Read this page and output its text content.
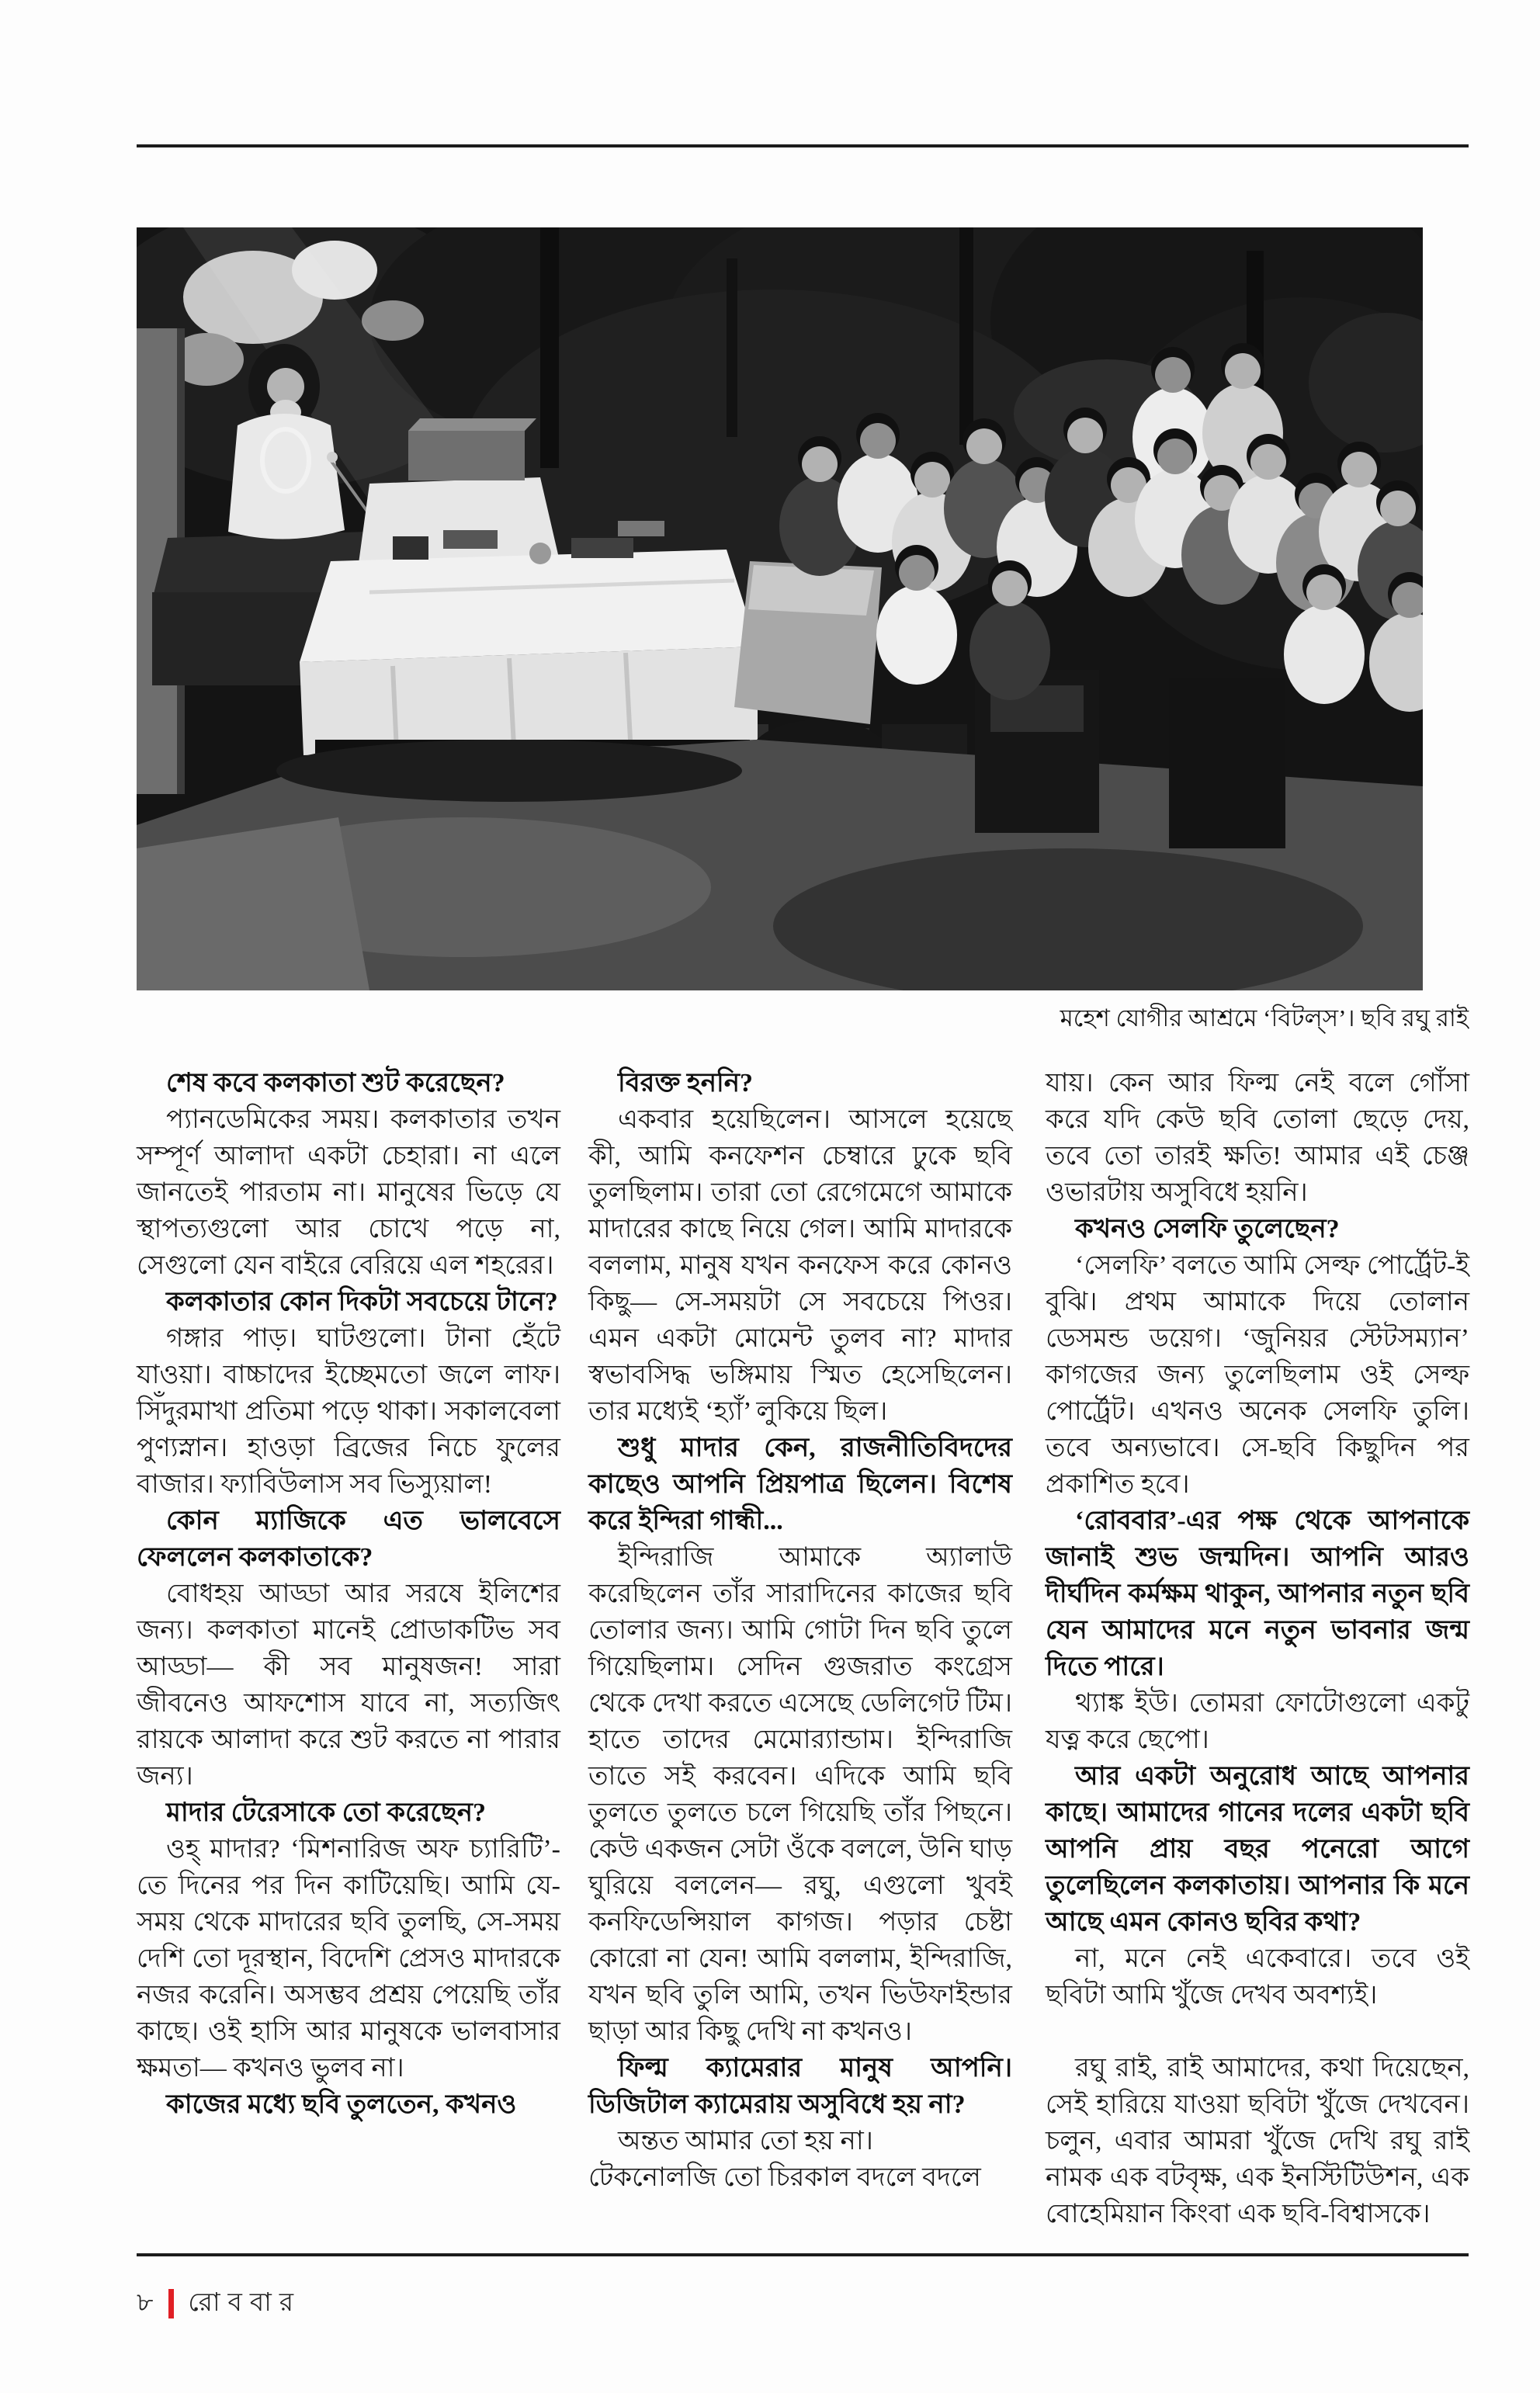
মহেশ যোগীর আশ্রমে ‘বিটল্স’। ছবি রঘু রাই

শেষ কবে কলকাতা শুট করেছেন?

প্যানডেমিকের সময়। কলকাতার তখন সম্পূর্ণ আলাদা একটা চেহারা। না এলে জানতেই পারতাম না। মানুষের ভিড়ে যে স্থাপত্যগুলো আর চোখে পড়ে না, সেগুলো যেন বাইরে বেরিয়ে এল শহরের।

কলকাতার কোন দিকটা সবচেয়ে টানে?

গঙ্গার পাড়। ঘাটগুলো। টানা হেঁটে যাওয়া। বাচ্চাদের ইচ্ছেমতো জলে লাফ। সিঁদুরমাখা প্রতিমা পড়ে থাকা। সকালবেলা পুণ্যস্নান। হাওড়া ব্রিজের নিচে ফুলের বাজার। ফ্যাবিউলাস সব ভিস্যুয়াল!

কোন ম্যাজিকে এত ভালবেসে ফেললেন কলকাতাকে?

বোধহয় আড্ডা আর সরষে ইলিশের জন্য। কলকাতা মানেই প্রোডাকটিভ সব আড্ডা— কী সব মানুষজন! সারা জীবনেও আফশোস যাবে না, সত্যজিৎ রায়কে আলাদা করে শুট করতে না পারার জন্য।

মাদার টেরেসাকে তো করেছেন?

ওহ্ মাদার? ‘মিশনারিজ অফ চ্যারিটি’-তে দিনের পর দিন কাটিয়েছি। আমি যে-সময় থেকে মাদারের ছবি তুলছি, সে-সময় দেশি তো দূরস্থান, বিদেশি প্রেসও মাদারকে নজর করেনি। অসম্ভব প্রশ্রয় পেয়েছি তাঁর কাছে। ওই হাসি আর মানুষকে ভালবাসার ক্ষমতা— কখনও ভুলব না।

কাজের মধ্যে ছবি তুলতেন, কখনও

বিরক্ত হননি?

একবার হয়েছিলেন। আসলে হয়েছে কী, আমি কনফেশন চেম্বারে ঢুকে ছবি তুলছিলাম। তারা তো রেগেমেগে আমাকে মাদারের কাছে নিয়ে গেল। আমি মাদারকে বললাম, মানুষ যখন কনফেস করে কোনও কিছু— সে-সময়টা সে সবচেয়ে পিওর। এমন একটা মোমেন্ট তুলব না? মাদার স্বভাবসিদ্ধ ভঙ্গিমায় স্মিত হেসেছিলেন। তার মধ্যেই ‘হ্যাঁ’ লুকিয়ে ছিল।

শুধু মাদার কেন, রাজনীতিবিদদের কাছেও আপনি প্রিয়পাত্র ছিলেন। বিশেষ করে ইন্দিরা গান্ধী...

ইন্দিরাজি আমাকে অ্যালাউ করেছিলেন তাঁর সারাদিনের কাজের ছবি তোলার জন্য। আমি গোটা দিন ছবি তুলে গিয়েছিলাম। সেদিন গুজরাত কংগ্রেস থেকে দেখা করতে এসেছে ডেলিগেট টিম। হাতে তাদের মেমোর‍্যান্ডাম। ইন্দিরাজি তাতে সই করবেন। এদিকে আমি ছবি তুলতে তুলতে চলে গিয়েছি তাঁর পিছনে। কেউ একজন সেটা ওঁকে বললে, উনি ঘাড় ঘুরিয়ে বললেন— রঘু, এগুলো খুবই কনফিডেন্সিয়াল কাগজ। পড়ার চেষ্টা কোরো না যেন! আমি বললাম, ইন্দিরাজি, যখন ছবি তুলি আমি, তখন ভিউফাইন্ডার ছাড়া আর কিছু দেখি না কখনও।

ফিল্ম ক্যামেরার মানুষ আপনি। ডিজিটাল ক্যামেরায় অসুবিধে হয় না?

অন্তত আমার তো হয় না।

টেকনোলজি তো চিরকাল বদলে বদলে

যায়। কেন আর ফিল্ম নেই বলে গোঁসা করে যদি কেউ ছবি তোলা ছেড়ে দেয়, তবে তো তারই ক্ষতি! আমার এই চেঞ্জ ওভারটায় অসুবিধে হয়নি।

কখনও সেলফি তুলেছেন?

‘সেলফি’ বলতে আমি সেল্ফ পোর্ট্রেট-ই বুঝি। প্রথম আমাকে দিয়ে তোলান ডেসমন্ড ডয়েগ। ‘জুনিয়র স্টেটসম্যান’ কাগজের জন্য তুলেছিলাম ওই সেল্ফ পোর্ট্রেট। এখনও অনেক সেলফি তুলি। তবে অন্যভাবে। সে-ছবি কিছুদিন পর প্রকাশিত হবে।

‘রোববার’-এর পক্ষ থেকে আপনাকে জানাই শুভ জন্মদিন। আপনি আরও দীর্ঘদিন কর্মক্ষম থাকুন, আপনার নতুন ছবি যেন আমাদের মনে নতুন ভাবনার জন্ম দিতে পারে।

থ্যাঙ্ক ইউ। তোমরা ফোটোগুলো একটু যত্ন করে ছেপো।

আর একটা অনুরোধ আছে আপনার কাছে। আমাদের গানের দলের একটা ছবি আপনি প্রায় বছর পনেরো আগে তুলেছিলেন কলকাতায়। আপনার কি মনে আছে এমন কোনও ছবির কথা?

না, মনে নেই একেবারে। তবে ওই ছবিটা আমি খুঁজে দেখব অবশ্যই।

রঘু রাই, রাই আমাদের, কথা দিয়েছেন, সেই হারিয়ে যাওয়া ছবিটা খুঁজে দেখবেন। চলুন, এবার আমরা খুঁজে দেখি রঘু রাই নামক এক বটবৃক্ষ, এক ইনস্টিটিউশন, এক বোহেমিয়ান কিংবা এক ছবি-বিশ্বাসকে।

৮ রোববার
